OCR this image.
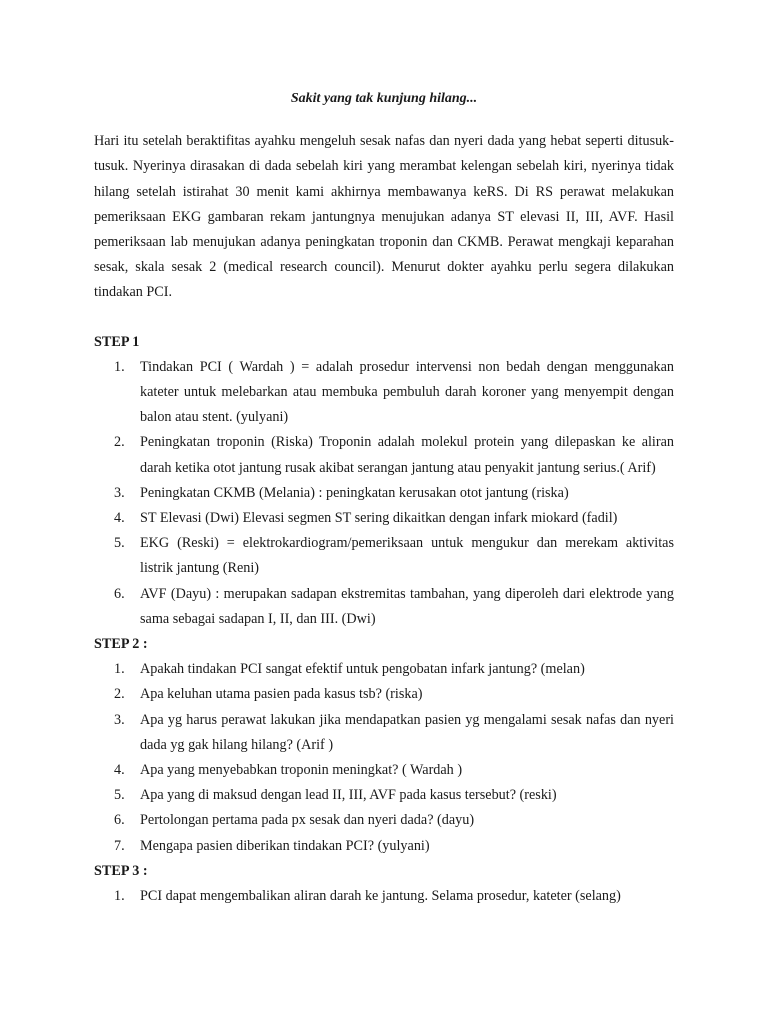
Sakit yang tak kunjung hilang...

Hari itu setelah beraktifitas ayahku mengeluh sesak nafas dan nyeri dada yang hebat seperti ditusuk-tusuk. Nyerinya dirasakan di dada sebelah kiri yang merambat kelengan sebelah kiri, nyerinya tidak hilang setelah istirahat 30 menit kami akhirnya membawanya keRS. Di RS perawat melakukan pemeriksaan EKG gambaran rekam jantungnya menujukan adanya ST elevasi II, III, AVF. Hasil pemeriksaan lab menujukan adanya peningkatan troponin dan CKMB. Perawat mengkaji keparahan sesak, skala sesak 2 (medical research council). Menurut dokter ayahku perlu segera dilakukan tindakan PCI.

STEP 1

1. Tindakan PCI ( Wardah ) = adalah prosedur intervensi non bedah dengan menggunakan kateter untuk melebarkan atau membuka pembuluh darah koroner yang menyempit dengan balon atau stent. (yulyani)
2. Peningkatan troponin (Riska) Troponin adalah molekul protein yang dilepaskan ke aliran darah ketika otot jantung rusak akibat serangan jantung atau penyakit jantung serius.( Arif)
3. Peningkatan CKMB (Melania) : peningkatan kerusakan otot jantung (riska)
4. ST Elevasi (Dwi) Elevasi segmen ST sering dikaitkan dengan infark miokard (fadil)
5. EKG (Reski) = elektrokardiogram/pemeriksaan untuk mengukur dan merekam aktivitas listrik jantung (Reni)
6. AVF (Dayu) : merupakan sadapan ekstremitas tambahan, yang diperoleh dari elektrode yang sama sebagai sadapan I, II, dan III. (Dwi)

STEP 2 :

1. Apakah tindakan PCI sangat efektif untuk pengobatan infark jantung? (melan)
2. Apa keluhan utama pasien pada kasus tsb? (riska)
3. Apa yg harus perawat lakukan jika mendapatkan pasien yg mengalami sesak nafas dan nyeri dada yg gak hilang hilang? (Arif )
4. Apa yang menyebabkan troponin meningkat? ( Wardah )
5. Apa yang di maksud dengan lead II, III, AVF pada kasus tersebut? (reski)
6. Pertolongan pertama pada px sesak dan nyeri dada? (dayu)
7. Mengapa pasien diberikan tindakan PCI? (yulyani)

STEP 3 :

1. PCI dapat mengembalikan aliran darah ke jantung. Selama prosedur, kateter (selang)
